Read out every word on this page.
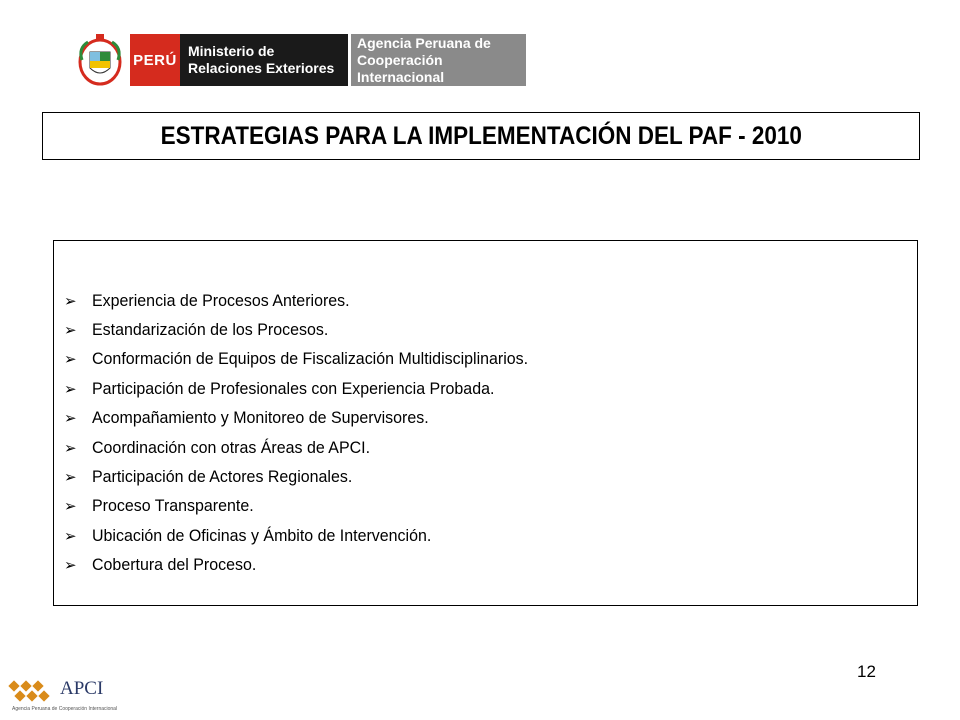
PERÚ
Ministerio de
Relaciones Exteriores
Agencia Peruana de
Cooperación Internacional
ESTRATEGIAS PARA LA IMPLEMENTACIÓN DEL PAF - 2010
➢ Experiencia de Procesos Anteriores.
➢ Estandarización de los Procesos.
➢ Conformación de Equipos de Fiscalización Multidisciplinarios.
➢ Participación de Profesionales con Experiencia Probada.
➢ Acompañamiento y Monitoreo de Supervisores.
➢ Coordinación con otras Áreas de APCI.
➢ Participación de Actores Regionales.
➢ Proceso Transparente.
➢ Ubicación de Oficinas y Ámbito de Intervención.
➢ Cobertura del Proceso.
12
APCI
Agencia Peruana de Cooperación Internacional
